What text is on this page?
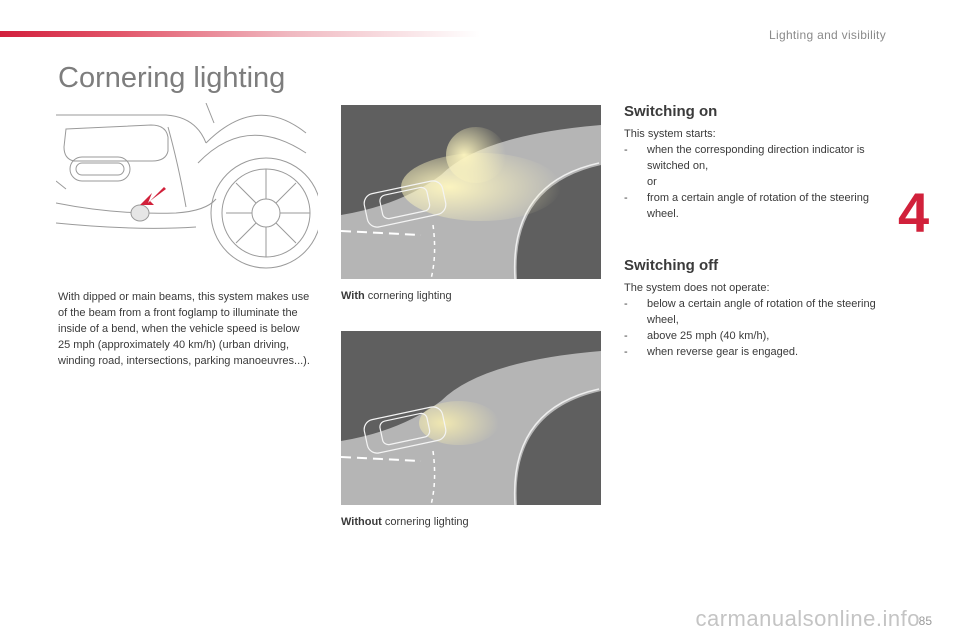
Lighting and visibility
Cornering lighting
4

With dipped or main beams, this system makes use of the beam from a front foglamp to illuminate the inside of a bend, when the vehicle speed is below 25 mph (approximately 40 km/h) (urban driving, winding road, intersections, parking manoeuvres...).

With cornering lighting
Without cornering lighting
Switching on
This system starts:
- when the corresponding direction indicator is switched on,
or
- from a certain angle of rotation of the steering wheel.
Switching off
The system does not operate:
- below a certain angle of rotation of the steering wheel,
- above 25 mph (40 km/h),
- when reverse gear is engaged.
85
carmanualsonline.info
